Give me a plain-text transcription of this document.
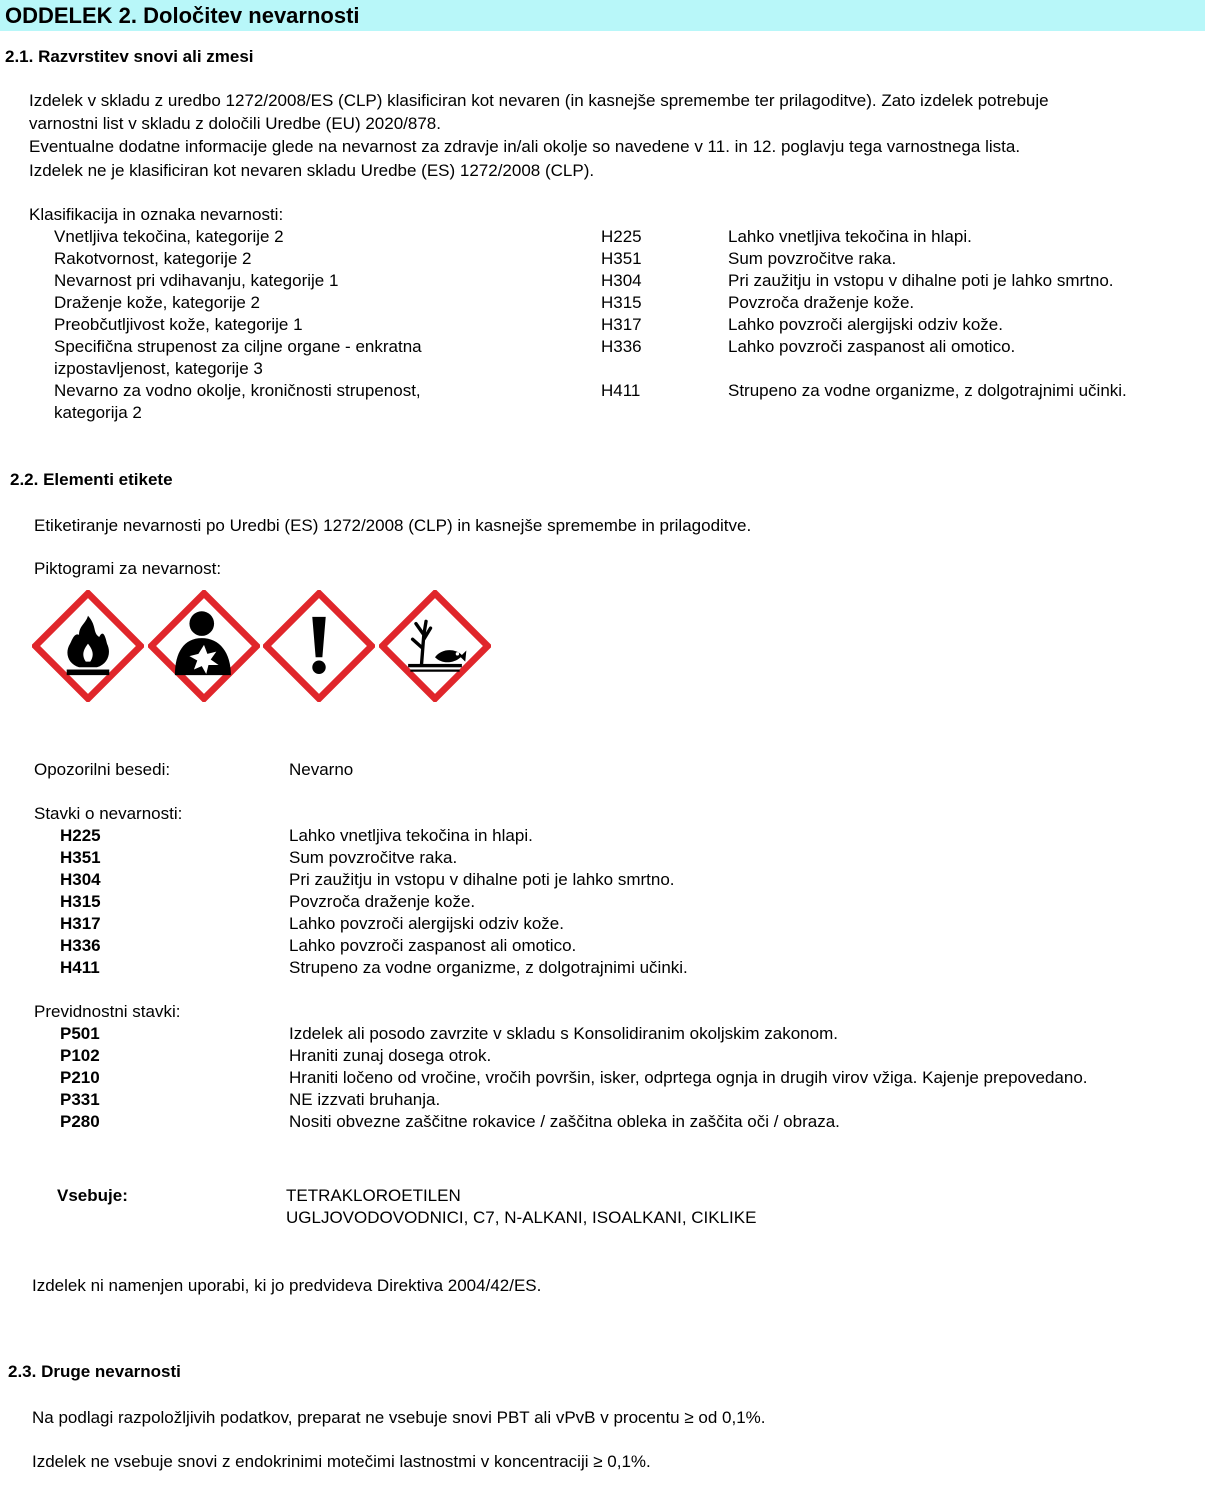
ODDELEK 2. Določitev nevarnosti
2.1. Razvrstitev snovi ali zmesi
Izdelek v skladu z uredbo 1272/2008/ES (CLP) klasificiran kot nevaren (in kasnejše spremembe ter prilagoditve). Zato izdelek potrebuje
varnostni list v skladu z določili Uredbe (EU) 2020/878.
Eventualne dodatne informacije glede na nevarnost za zdravje in/ali okolje so navedene v 11. in 12. poglavju tega varnostnega lista.
Izdelek ne je klasificiran kot nevaren skladu Uredbe (ES) 1272/2008 (CLP).
Klasifikacija in oznaka nevarnosti:
Vnetljiva tekočina, kategorije 2	H225	Lahko vnetljiva tekočina in hlapi.
Rakotvornost, kategorije 2	H351	Sum povzročitve raka.
Nevarnost pri vdihavanju, kategorije 1	H304	Pri zaužitju in vstopu v dihalne poti je lahko smrtno.
Draženje kože, kategorije 2	H315	Povzroča draženje kože.
Preobčutljivost kože, kategorije 1	H317	Lahko povzroči alergijski odziv kože.
Specifična strupenost za ciljne organe - enkratna
izpostavljenost, kategorije 3
H336	Lahko povzroči zaspanost ali omotico.
Nevarno za vodno okolje, kroničnosti strupenost,
kategorija 2
H411	Strupeno za vodne organizme, z dolgotrajnimi učinki.
2.2. Elementi etikete
Etiketiranje nevarnosti po Uredbi (ES) 1272/2008 (CLP) in kasnejše spremembe in prilagoditve.
Piktogrami za nevarnost:
Opozorilni besedi:	Nevarno
Stavki o nevarnosti:
H225	Lahko vnetljiva tekočina in hlapi.
H351	Sum povzročitve raka.
H304	Pri zaužitju in vstopu v dihalne poti je lahko smrtno.
H315	Povzroča draženje kože.
H317	Lahko povzroči alergijski odziv kože.
H336	Lahko povzroči zaspanost ali omotico.
H411	Strupeno za vodne organizme, z dolgotrajnimi učinki.
Previdnostni stavki:
P501	Izdelek ali posodo zavrzite v skladu s Konsolidiranim okoljskim zakonom.
P102	Hraniti zunaj dosega otrok.
P210	Hraniti ločeno od vročine, vročih površin, isker, odprtega ognja in drugih virov vžiga. Kajenje prepovedano.
P331	NE izzvati bruhanja.
P280	Nositi obvezne zaščitne rokavice / zaščitna obleka in zaščita oči / obraza.
Vsebuje:	TETRAKLOROETILEN
UGLJOVODOVODNICI, C7, N-ALKANI, ISOALKANI, CIKLIKE
Izdelek ni namenjen uporabi, ki jo predvideva Direktiva 2004/42/ES.
2.3. Druge nevarnosti
Na podlagi razpoložljivih podatkov, preparat ne vsebuje snovi PBT ali vPvB v procentu ≥ od 0,1%.
Izdelek ne vsebuje snovi z endokrinimi motečimi lastnostmi v koncentraciji ≥ 0,1%.
